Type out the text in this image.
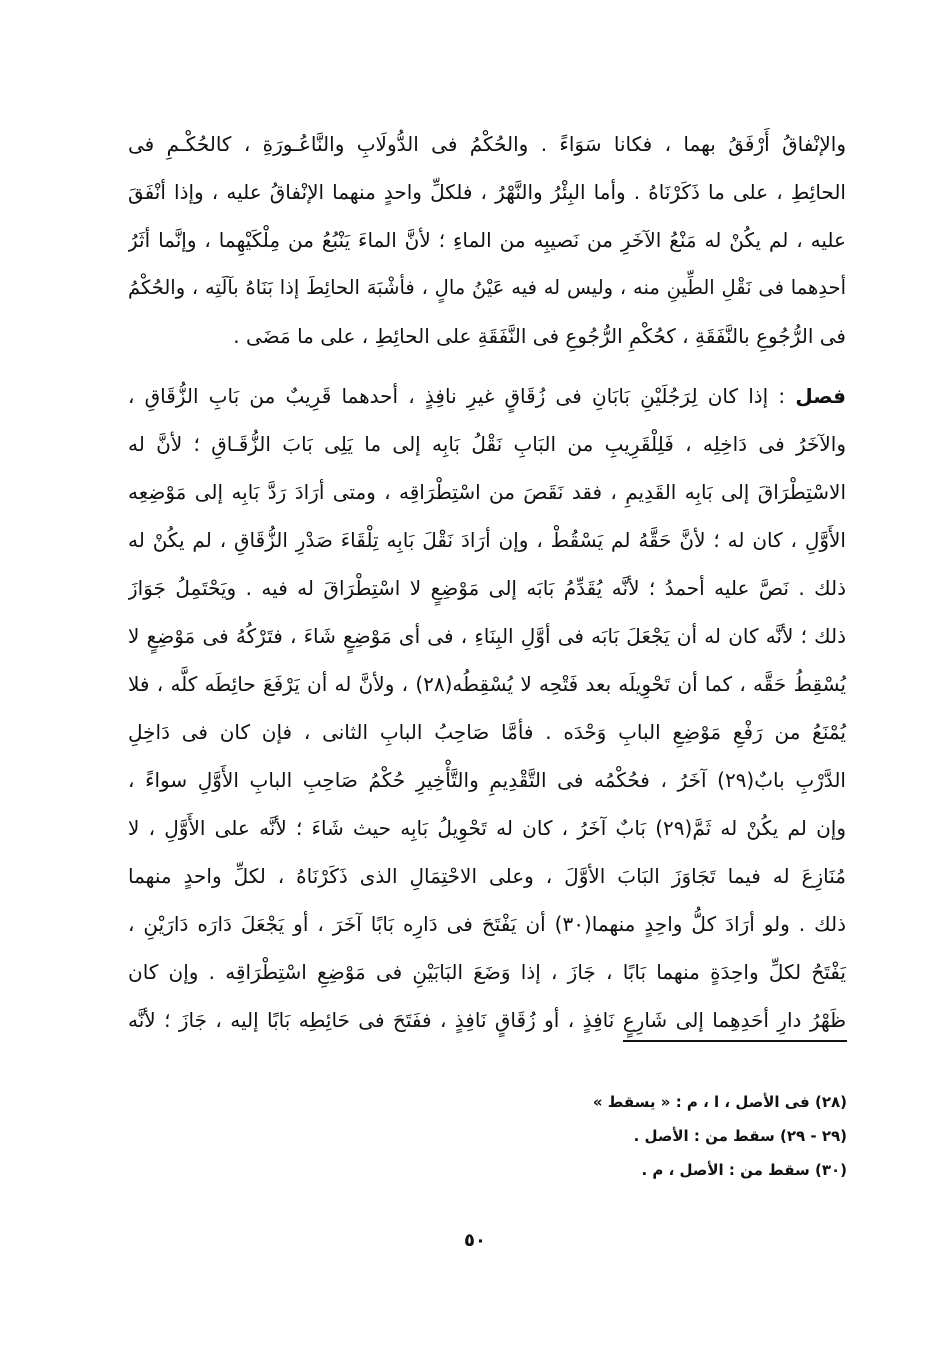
والإنْفاقُ أَرْفَقُ بهما ، فكانا سَوَاءً . والحُكْمُ فى الدُّولَابِ والنَّاعُـورَةِ ، كالحُكْـمِ فى
الحائِطِ ، على ما ذَكَرْنَاهُ . وأما البِئْرُ والنَّهْرُ ، فلكلِّ واحدٍ منهما الإنْفاقُ عليه ، وإذا أنْفَقَ
عليه ، لم يكُنْ له مَنْعُ الآخَرِ من نَصيبِه من الماءِ ؛ لأنَّ الماءَ يَنْبُعُ من مِلْكَيْهِما ، وإنَّما أثَرُ
أحدِهما فى نَقْلِ الطِّينِ منه ، وليس له فيه عَيْنُ مالٍ ، فأشْبَهَ الحائِطَ إذا بَنَاهُ بآلَتِه ، والحُكْمُ
فى الرُّجُوعِ بالنَّفَقَةِ ، كحُكْمِ الرُّجُوعِ فى النَّفَقَةِ على الحائِطِ ، على ما مَضَى .
فصل : إذا كان لِرَجُلَيْنِ بَابَانِ فى زُقَاقٍ غيرِ نافِذٍ ، أحدهما قَرِيبٌ من بَابِ الزُّقَاقِ ،
والآخَرُ فى دَاخِلِه ، فَلِلْقَرِيبِ من البَابِ نَقْلُ بَابِه إلى ما يَلِى بَابَ الزُّقَـاقِ ؛ لأنَّ له
الاسْتِطْرَاقَ إلى بَابِه القَدِيمِ ، فقد نَقَصَ من اسْتِطْرَاقِه ، ومتى أرَادَ رَدَّ بَابِه إلى مَوْضِعِه
الأَوَّلِ ، كان له ؛ لأنَّ حَقَّهُ لم يَسْقُطْ ، وإن أرَادَ نَقْلَ بَابِه تِلْقَاءَ صَدْرِ الزُّقَاقِ ، لم يكُنْ له
ذلك . نَصَّ عليه أحمدُ ؛ لأنَّه يُقَدِّمُ بَابَه إلى مَوْضِعٍ لا اسْتِطْرَاقَ له فيه . ويَحْتَمِلُ جَوَازَ
ذلك ؛ لأنَّه كان له أن يَجْعَلَ بَابَه فى أوَّلِ البِنَاءِ ، فى أى مَوْضِعٍ شَاءَ ، فتَرْكُهُ فى مَوْضِعٍ لا
يُسْقِطُ حَقَّه ، كما أن تَحْوِيلَه بعد فَتْحِه لا يُسْقِطُه(٢٨) ، ولأنَّ له أن يَرْفَعَ حائِطَه كلَّه ، فلا
يُمْنَعُ من رَفْعِ مَوْضِعِ البابِ وَحْدَه . فأمَّا صَاحِبُ البابِ الثانى ، فإن كان فى دَاخِلِ
الدَّرْبِ بابٌ(٢٩) آخَرُ ، فحُكْمُه فى التَّقْدِيمِ والتَّأْخِيرِ حُكْمُ صَاحِبِ البابِ الأَوَّلِ سواءً ،
وإن لم يكُنْ له ثَمَّ(٢٩) بَابٌ آخَرُ ، كان له تَحْوِيلُ بَابِه حيث شَاءَ ؛ لأنَّه على الأَوَّلِ ، لا
مُنَازِعَ له فيما تَجَاوَزَ البَابَ الأوَّلَ ، وعلى الاحْتِمَالِ الذى ذَكَرْنَاهُ ، لكلِّ واحدٍ منهما
ذلك . ولو أرَادَ كلُّ واحِدٍ منهما(٣٠) أن يَفْتَحَ فى دَارِه بَابًا آخَرَ ، أو يَجْعَلَ دَارَه دَارَيْنِ ،
يَفْتَحُ لكلِّ واحِدَةٍ منهما بَابًا ، جَازَ ، إذا وَضَعَ البَابَيْنِ فى مَوْضِعِ اسْتِطْرَاقِه . وإن كان
ظَهْرُ دارِ أحَدِهِما إلى شَارِعٍ نَافِذٍ ، أو زُقَاقٍ نَافِذٍ ، ففَتَحَ فى حَائِطِه بَابًا إليه ، جَازَ ؛ لأنَّه
(٢٨) فى الأصل ، ا ، م : « يسقط »
(٢٩ - ٢٩) سقط من : الأصل .
(٣٠) سقط من : الأصل ، م .
٥٠
